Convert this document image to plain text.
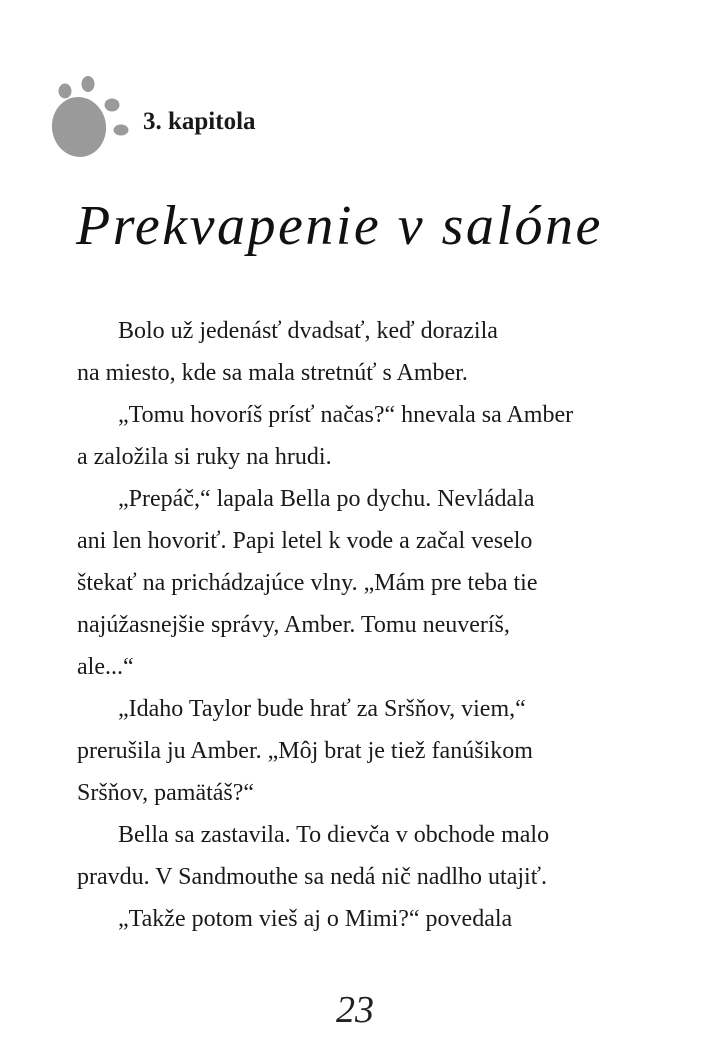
3. kapitola
Prekvapenie v salóne
Bolo už jedenásť dvadsať, keď dorazila
na miesto, kde sa mala stretnúť s Amber.
„Tomu hovoríš prísť načas?“ hnevala sa Amber
a založila si ruky na hrudi.
„Prepáč,“ lapala Bella po dychu. Nevládala
ani len hovoriť. Papi letel k vode a začal veselo
štekať na prichádzajúce vlny. „Mám pre teba tie
najúžasnejšie správy, Amber. Tomu neuveríš,
ale...“
„Idaho Taylor bude hrať za Sršňov, viem,“
prerušila ju Amber. „Môj brat je tiež fanúšikom
Sršňov, pamätáš?“
Bella sa zastavila. To dievča v obchode malo
pravdu. V Sandmouthe sa nedá nič nadlho utajiť.
„Takže potom vieš aj o Mimi?“ povedala
23
